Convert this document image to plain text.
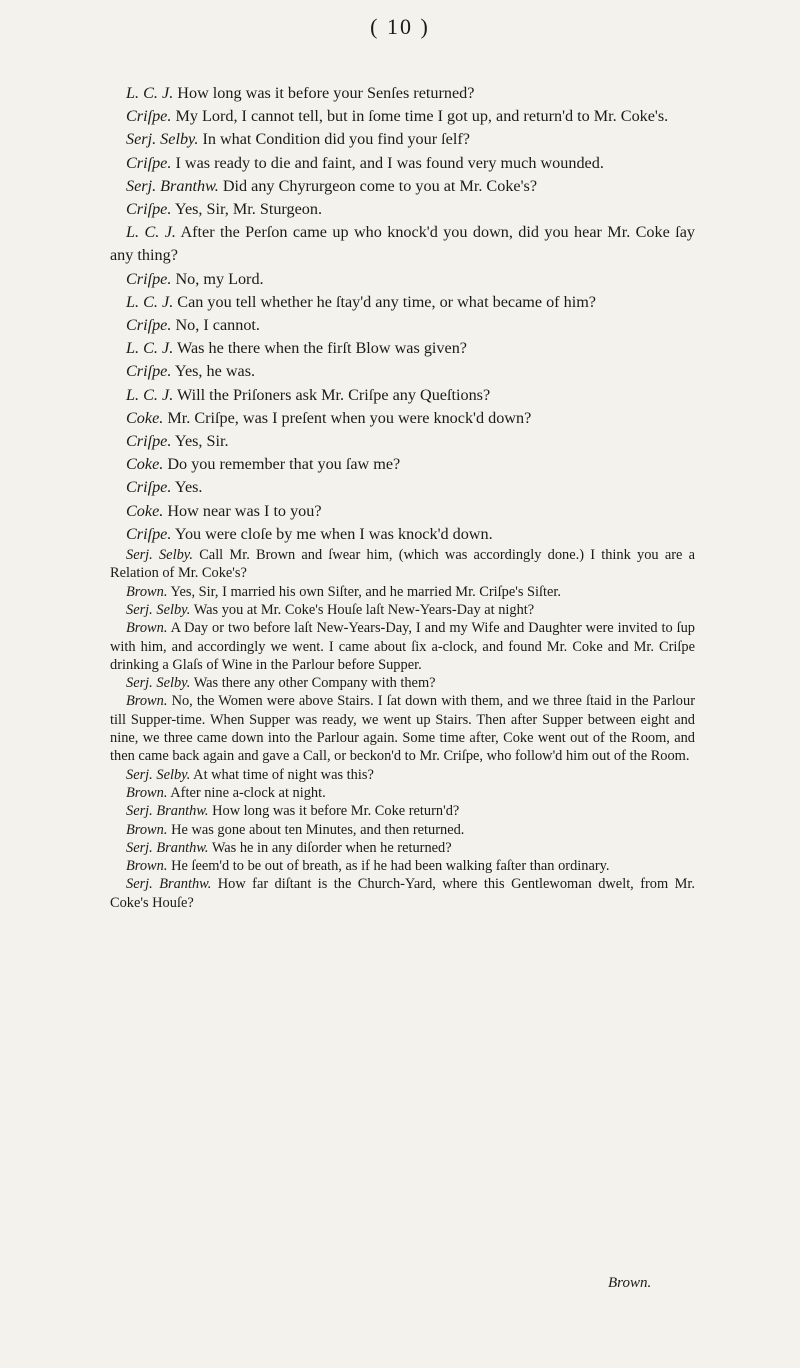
( 10 )

L. C. J . How long was it before your Senſes returned?

Criſpe . My Lord, I cannot tell, but in ſome time I got up, and return'd to Mr. Coke's.

Serj. Selby . In what Condition did you find your ſelf?

Criſpe . I was ready to die and faint, and I was found very much wounded.

Serj. Branthw . Did any Chyrurgeon come to you at Mr. Coke's?

Criſpe . Yes, Sir, Mr. Sturgeon.

L. C. J . After the Perſon came up who knock'd you down, did you hear Mr. Coke ſay any thing?

Criſpe . No, my Lord.

L. C. J . Can you tell whether he ſtay'd any time, or what became of him?

Criſpe . No, I cannot.

L. C. J . Was he there when the firſt Blow was given?

Criſpe . Yes, he was.

L. C. J . Will the Priſoners ask Mr. Criſpe any Queſtions?

Coke . Mr. Criſpe, was I preſent when you were knock'd down?

Criſpe . Yes, Sir.

Coke . Do you remember that you ſaw me?

Criſpe . Yes.

Coke . How near was I to you?

Criſpe . You were cloſe by me when I was knock'd down.

Serj. Selby . Call Mr. Brown and ſwear him, (which was accordingly done.) I think you are a Relation of Mr. Coke's?

Brown . Yes, Sir, I married his own Siſter, and he married Mr. Criſpe's Siſter.

Serj. Selby . Was you at Mr. Coke's Houſe laſt New-Years-Day at night?

Brown . A Day or two before laſt New-Years-Day, I and my Wife and Daughter were invited to ſup with him, and accordingly we went. I came about ſix a-clock, and found Mr. Coke and Mr. Criſpe drinking a Glaſs of Wine in the Parlour before Supper.

Serj. Selby . Was there any other Company with them?

Brown . No, the Women were above Stairs. I ſat down with them, and we three ſtaid in the Parlour till Supper-time. When Supper was ready, we went up Stairs. Then after Supper between eight and nine, we three came down into the Parlour again. Some time after, Coke went out of the Room, and then came back again and gave a Call, or beckon'd to Mr. Criſpe, who follow'd him out of the Room.

Serj. Selby . At what time of night was this?

Brown . After nine a-clock at night.

Serj. Branthw . How long was it before Mr. Coke return'd?

Brown . He was gone about ten Minutes, and then returned.

Serj. Branthw . Was he in any diſorder when he returned?

Brown . He ſeem'd to be out of breath, as if he had been walking faſter than ordinary.

Serj. Branthw . How far diſtant is the Church-Yard, where this Gentlewoman dwelt, from Mr. Coke's Houſe?

Brown.
